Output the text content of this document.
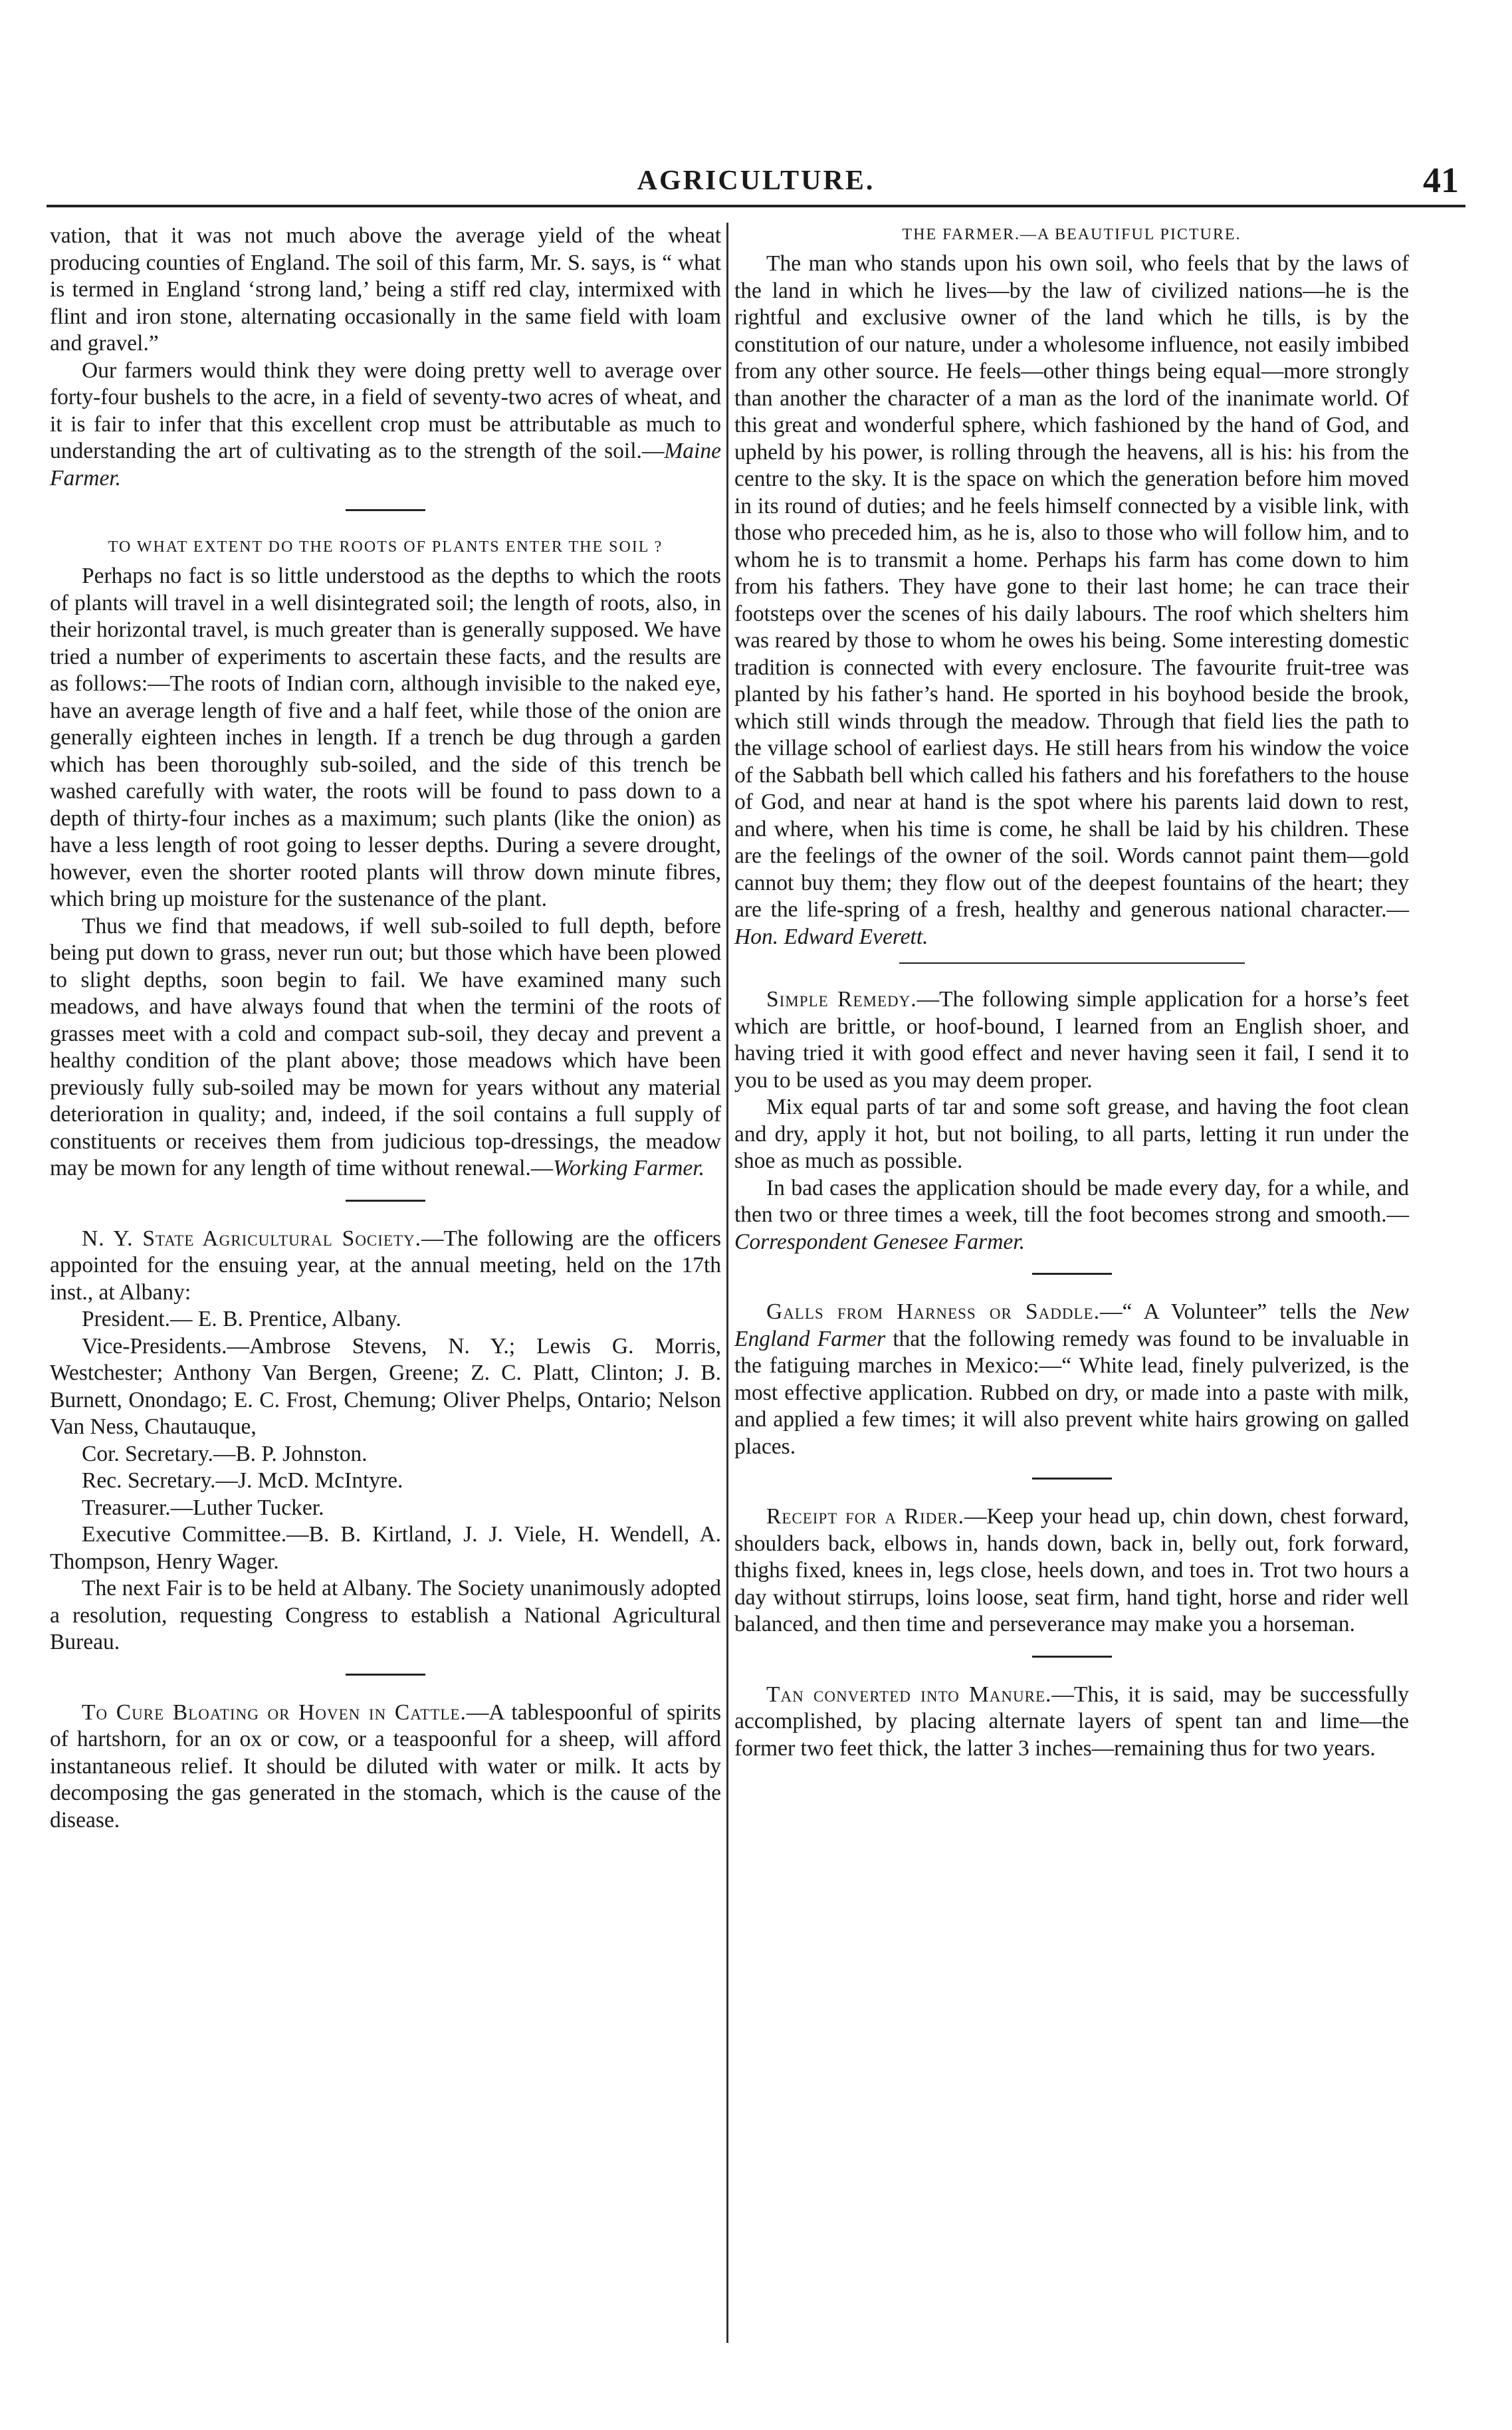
AGRICULTURE.	41

vation, that it was not much above the average yield of the wheat producing counties of England. The soil of this farm, Mr. S. says, is “ what is termed in England ‘strong land,’ being a stiff red clay, intermixed with flint and iron stone, alternating occasionally in the same field with loam and gravel.”

Our farmers would think they were doing pretty well to average over forty-four bushels to the acre, in a field of seventy-two acres of wheat, and it is fair to infer that this excellent crop must be attributable as much to understanding the art of cultivating as to the strength of the soil.—Maine Farmer.

TO WHAT EXTENT DO THE ROOTS OF PLANTS ENTER THE SOIL ?

Perhaps no fact is so little understood as the depths to which the roots of plants will travel in a well disintegrated soil; the length of roots, also, in their horizontal travel, is much greater than is generally supposed. We have tried a number of experiments to ascertain these facts, and the results are as follows:—The roots of Indian corn, although invisible to the naked eye, have an average length of five and a half feet, while those of the onion are generally eighteen inches in length. If a trench be dug through a garden which has been thoroughly sub-soiled, and the side of this trench be washed carefully with water, the roots will be found to pass down to a depth of thirty-four inches as a maximum; such plants (like the onion) as have a less length of root going to lesser depths. During a severe drought, however, even the shorter rooted plants will throw down minute fibres, which bring up moisture for the sustenance of the plant.

Thus we find that meadows, if well sub-soiled to full depth, before being put down to grass, never run out; but those which have been plowed to slight depths, soon begin to fail. We have examined many such meadows, and have always found that when the termini of the roots of grasses meet with a cold and compact sub-soil, they decay and prevent a healthy condition of the plant above; those meadows which have been previously fully sub-soiled may be mown for years without any material deterioration in quality; and, indeed, if the soil contains a full supply of constituents or receives them from judicious top-dressings, the meadow may be mown for any length of time without renewal.—Working Farmer.

N. Y. State Agricultural Society.—The following are the officers appointed for the ensuing year, at the annual meeting, held on the 17th inst., at Albany:

President.— E. B. Prentice, Albany.

Vice-Presidents.—Ambrose Stevens, N. Y.; Lewis G. Morris, Westchester; Anthony Van Bergen, Greene; Z. C. Platt, Clinton; J. B. Burnett, Onondago; E. C. Frost, Chemung; Oliver Phelps, Ontario; Nelson Van Ness, Chautauque,

Cor. Secretary.—B. P. Johnston.

Rec. Secretary.—J. McD. McIntyre.

Treasurer.—Luther Tucker.

Executive Committee.—B. B. Kirtland, J. J. Viele, H. Wendell, A. Thompson, Henry Wager.

The next Fair is to be held at Albany. The Society unanimously adopted a resolution, requesting Congress to establish a National Agricultural Bureau.

To Cure Bloating or Hoven in Cattle.—A tablespoonful of spirits of hartshorn, for an ox or cow, or a teaspoonful for a sheep, will afford instantaneous relief. It should be diluted with water or milk. It acts by decomposing the gas generated in the stomach, which is the cause of the disease.

THE FARMER.—A BEAUTIFUL PICTURE.

The man who stands upon his own soil, who feels that by the laws of the land in which he lives—by the law of civilized nations—he is the rightful and exclusive owner of the land which he tills, is by the constitution of our nature, under a wholesome influence, not easily imbibed from any other source. He feels—other things being equal—more strongly than another the character of a man as the lord of the inanimate world. Of this great and wonderful sphere, which fashioned by the hand of God, and upheld by his power, is rolling through the heavens, all is his: his from the centre to the sky. It is the space on which the generation before him moved in its round of duties; and he feels himself connected by a visible link, with those who preceded him, as he is, also to those who will follow him, and to whom he is to transmit a home. Perhaps his farm has come down to him from his fathers. They have gone to their last home; he can trace their footsteps over the scenes of his daily labours. The roof which shelters him was reared by those to whom he owes his being. Some interesting domestic tradition is connected with every enclosure. The favourite fruit-tree was planted by his father’s hand. He sported in his boyhood beside the brook, which still winds through the meadow. Through that field lies the path to the village school of earliest days. He still hears from his window the voice of the Sabbath bell which called his fathers and his forefathers to the house of God, and near at hand is the spot where his parents laid down to rest, and where, when his time is come, he shall be laid by his children. These are the feelings of the owner of the soil. Words cannot paint them—gold cannot buy them; they flow out of the deepest fountains of the heart; they are the life-spring of a fresh, healthy and generous national character.—Hon. Edward Everett.

Simple Remedy.—The following simple application for a horse’s feet which are brittle, or hoof-bound, I learned from an English shoer, and having tried it with good effect and never having seen it fail, I send it to you to be used as you may deem proper.

Mix equal parts of tar and some soft grease, and having the foot clean and dry, apply it hot, but not boiling, to all parts, letting it run under the shoe as much as possible.

In bad cases the application should be made every day, for a while, and then two or three times a week, till the foot becomes strong and smooth.—Correspondent Genesee Farmer.

Galls from Harness or Saddle.—“ A Volunteer” tells the New England Farmer that the following remedy was found to be invaluable in the fatiguing marches in Mexico:—“ White lead, finely pulverized, is the most effective application. Rubbed on dry, or made into a paste with milk, and applied a few times; it will also prevent white hairs growing on galled places.

Receipt for a Rider.—Keep your head up, chin down, chest forward, shoulders back, elbows in, hands down, back in, belly out, fork forward, thighs fixed, knees in, legs close, heels down, and toes in. Trot two hours a day without stirrups, loins loose, seat firm, hand tight, horse and rider well balanced, and then time and perseverance may make you a horseman.

Tan converted into Manure.—This, it is said, may be successfully accomplished, by placing alternate layers of spent tan and lime—the former two feet thick, the latter 3 inches—remaining thus for two years.
